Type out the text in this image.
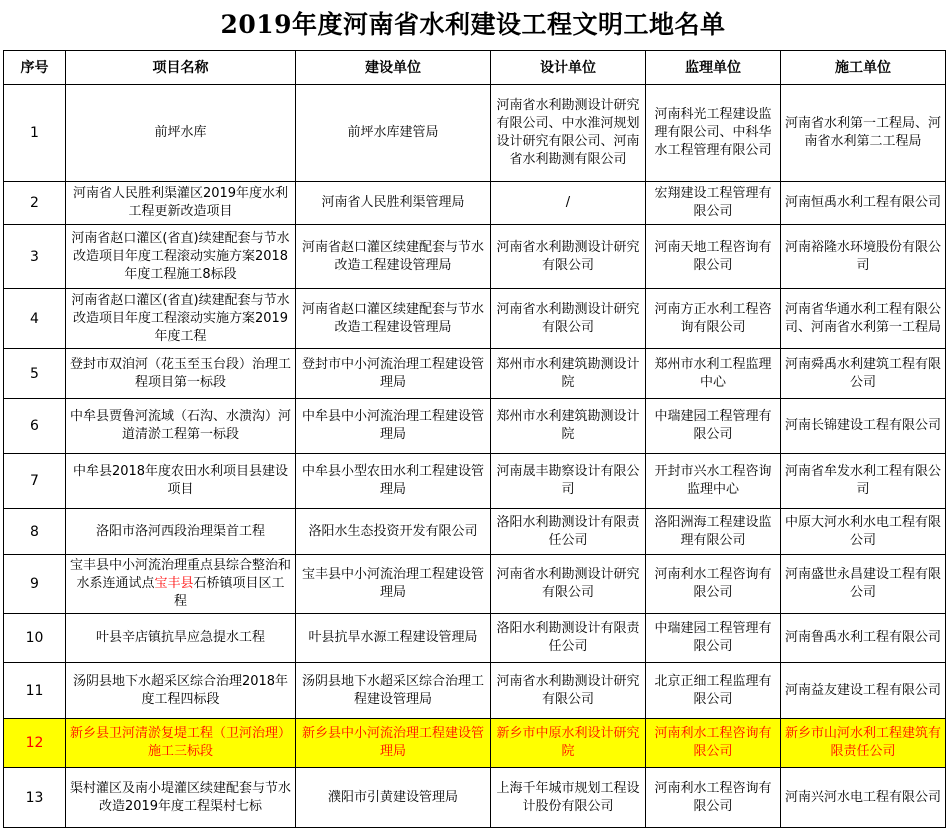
2019年度河南省水利建设工程文明工地名单
序号	项目名称	建设单位	设计单位	监理单位	施工单位
1	前坪水库	前坪水库建管局	河南省水利勘测设计研究有限公司、中水淮河规划设计研究有限公司、河南省水利勘测有限公司	河南科光工程建设监理有限公司、中科华水工程管理有限公司	河南省水利第一工程局、河南省水利第二工程局
2	河南省人民胜利渠灌区2019年度水利工程更新改造项目	河南省人民胜利渠管理局	/	宏翔建设工程管理有限公司	河南恒禹水利工程有限公司
3	河南省赵口灌区(省直)续建配套与节水改造项目年度工程滚动实施方案2018年度工程施工8标段	河南省赵口灌区续建配套与节水改造工程建设管理局	河南省水利勘测设计研究有限公司	河南天地工程咨询有限公司	河南裕隆水环境股份有限公司
4	河南省赵口灌区(省直)续建配套与节水改造项目年度工程滚动实施方案2019年度工程	河南省赵口灌区续建配套与节水改造工程建设管理局	河南省水利勘测设计研究有限公司	河南方正水利工程咨询有限公司	河南省华通水利工程有限公司、河南省水利第一工程局
5	登封市双洎河（花玉至玉台段）治理工程项目第一标段	登封市中小河流治理工程建设管理局	郑州市水利建筑勘测设计院	郑州市水利工程监理中心	河南舜禹水利建筑工程有限公司
6	中牟县贾鲁河流域（石沟、水溃沟）河道清淤工程第一标段	中牟县中小河流治理工程建设管理局	郑州市水利建筑勘测设计院	中瑞建园工程管理有限公司	河南长锦建设工程有限公司
7	中牟县2018年度农田水利项目县建设项目	中牟县小型农田水利工程建设管理局	河南晟丰勘察设计有限公司	开封市兴水工程咨询监理中心	河南省牟发水利工程有限公司
8	洛阳市洛河西段治理渠首工程	洛阳水生态投资开发有限公司	洛阳水利勘测设计有限责任公司	洛阳洲海工程建设监理有限公司	中原大河水利水电工程有限公司
9	宝丰县中小河流治理重点县综合整治和水系连通试点宝丰县石桥镇项目区工程	宝丰县中小河流治理工程建设管理局	河南省水利勘测设计研究有限公司	河南利水工程咨询有限公司	河南盛世永昌建设工程有限公司
10	叶县辛店镇抗旱应急提水工程	叶县抗旱水源工程建设管理局	洛阳水利勘测设计有限责任公司	中瑞建园工程管理有限公司	河南鲁禹水利工程有限公司
11	汤阴县地下水超采区综合治理2018年度工程四标段	汤阴县地下水超采区综合治理工程建设管理局	河南省水利勘测设计研究有限公司	北京正细工程监理有限公司	河南益友建设工程有限公司
12	新乡县卫河清淤复堤工程（卫河治理）施工三标段	新乡县中小河流治理工程建设管理局	新乡市中原水利设计研究院	河南利水工程咨询有限公司	新乡市山河水利工程建筑有限责任公司
13	渠村灌区及南小堤灌区续建配套与节水改造2019年度工程渠村七标	濮阳市引黄建设管理局	上海千年城市规划工程设计股份有限公司	河南利水工程咨询有限公司	河南兴河水电工程有限公司
